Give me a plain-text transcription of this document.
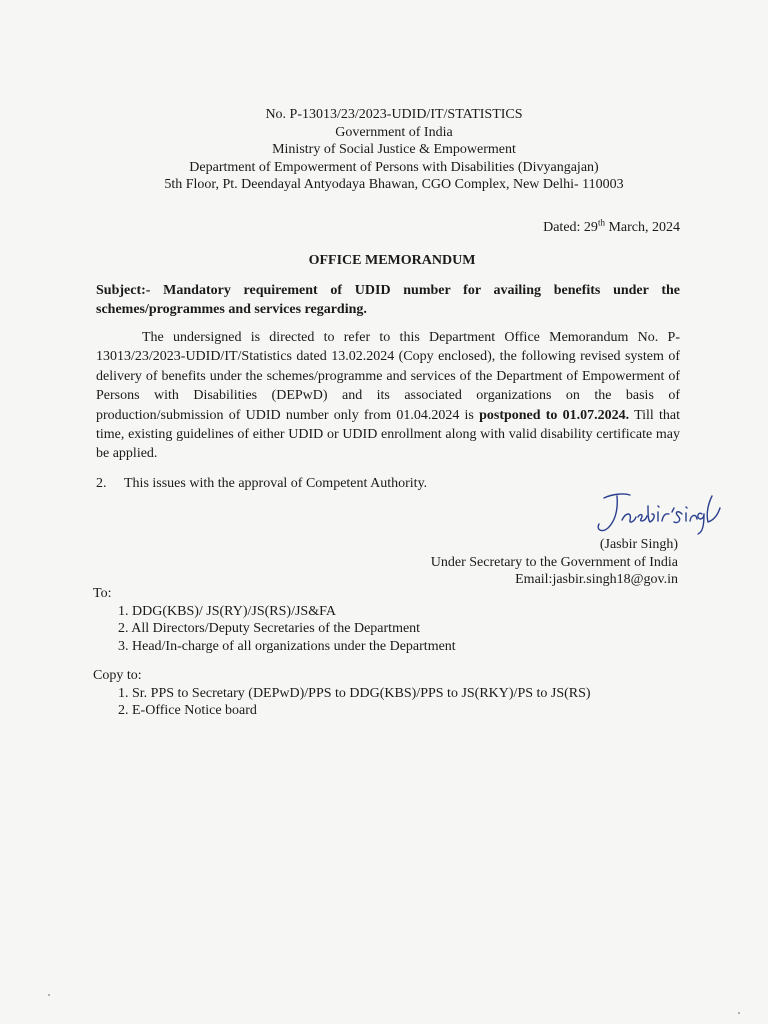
No. P-13013/23/2023-UDID/IT/STATISTICS
Government of India
Ministry of Social Justice & Empowerment
Department of Empowerment of Persons with Disabilities (Divyangajan)
5th Floor, Pt. Deendayal Antyodaya Bhawan, CGO Complex, New Delhi- 110003
Dated: 29th March, 2024
OFFICE MEMORANDUM
Subject:- Mandatory requirement of UDID number for availing benefits under the schemes/programmes and services regarding.
The undersigned is directed to refer to this Department Office Memorandum No. P-13013/23/2023-UDID/IT/Statistics dated 13.02.2024 (Copy enclosed), the following revised system of delivery of benefits under the schemes/programme and services of the Department of Empowerment of Persons with Disabilities (DEPwD) and its associated organizations on the basis of production/submission of UDID number only from 01.04.2024 is postponed to 01.07.2024. Till that time, existing guidelines of either UDID or UDID enrollment along with valid disability certificate may be applied.
2. This issues with the approval of Competent Authority.
(Jasbir Singh)
Under Secretary to the Government of India
Email:jasbir.singh18@gov.in
To:
1. DDG(KBS)/ JS(RY)/JS(RS)/JS&FA
2. All Directors/Deputy Secretaries of the Department
3. Head/In-charge of all organizations under the Department
Copy to:
1. Sr. PPS to Secretary (DEPwD)/PPS to DDG(KBS)/PPS to JS(RKY)/PS to JS(RS)
2. E-Office Notice board
